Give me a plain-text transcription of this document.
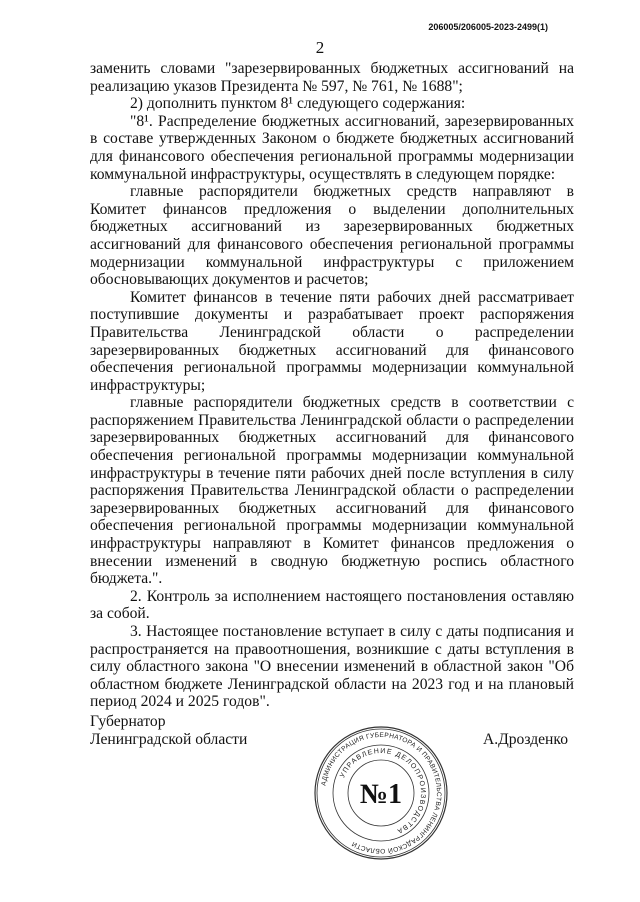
206005/206005-2023-2499(1)
2

заменить словами "зарезервированных бюджетных ассигнований на реализацию указов Президента № 597, № 761, № 1688";

2) дополнить пунктом 8¹ следующего содержания:

"8¹. Распределение бюджетных ассигнований, зарезервированных в составе утвержденных Законом о бюджете бюджетных ассигнований для финансового обеспечения региональной программы модернизации коммунальной инфраструктуры, осуществлять в следующем порядке:

главные распорядители бюджетных средств направляют в Комитет финансов предложения о выделении дополнительных бюджетных ассигнований из зарезервированных бюджетных ассигнований для финансового обеспечения региональной программы модернизации коммунальной инфраструктуры с приложением обосновывающих документов и расчетов;

Комитет финансов в течение пяти рабочих дней рассматривает поступившие документы и разрабатывает проект распоряжения Правительства Ленинградской области о распределении зарезервированных бюджетных ассигнований для финансового обеспечения региональной программы модернизации коммунальной инфраструктуры;

главные распорядители бюджетных средств в соответствии с распоряжением Правительства Ленинградской области о распределении зарезервированных бюджетных ассигнований для финансового обеспечения региональной программы модернизации коммунальной инфраструктуры в течение пяти рабочих дней после вступления в силу распоряжения Правительства Ленинградской области о распределении зарезервированных бюджетных ассигнований для финансового обеспечения региональной программы модернизации коммунальной инфраструктуры направляют в Комитет финансов предложения о внесении изменений в сводную бюджетную роспись областного бюджета.".

2. Контроль за исполнением настоящего постановления оставляю за собой.

3. Настоящее постановление вступает в силу с даты подписания и распространяется на правоотношения, возникшие с даты вступления в силу областного закона "О внесении изменений в областной закон "Об областном бюджете Ленинградской области на 2023 год и на плановый период 2024 и 2025 годов".

Губернатор
Ленинградской области	А.Дрозденко
АДМИНИСТРАЦИЯ ГУБЕРНАТОРА И ПРАВИТЕЛЬСТВА ЛЕНИНГРАДСКОЙ ОБЛАСТИ
УПРАВЛЕНИЕ ДЕЛОПРОИЗВОДСТВА
№1
